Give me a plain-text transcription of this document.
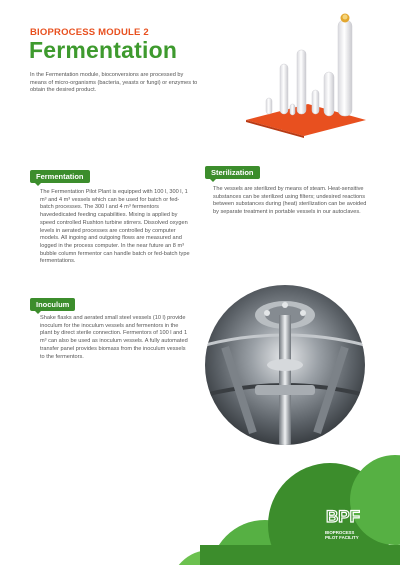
BIOPROCESS MODULE 2
Fermentation
In the Fermentation module, bioconversions are processed by means of micro-organisms (bacteria, yeasts or fungi) or enzymes to obtain the desired product.
Fermentation
The Fermentation Pilot Plant is equipped with 100 l, 300 l, 1 m³ and 4 m³ vessels which can be used for batch or fed-batch processes. The 300 l and 4 m³ fermentors havededicated feeding capabilities. Mixing is applied by speed controlled Rushton turbine stirrers. Dissolved oxygen levels in aerated processes are controlled by computer models. All ingoing and outgoing flows are measured and logged in the process computer. In the near future an 8 m³ bubble column fermentor can handle batch or fed-batch type fermentations.
Sterilization
The vessels are sterilized by means of steam. Heat-sensitive substances can be sterilized using filters; undesired reactions between substances during (heat) sterilization can be avoided by separate treatment in portable vessels in our autoclaves.
Inoculum
Shake flasks and aerated small steel vessels (10 l) provide inoculum for the inoculum vessels and fermentors in the plant by direct sterile connection. Fermentors of 100 l and 1 m³ can also be used as inoculum vessels. A fully automated transfer panel provides biomass from the inoculum vessels to the fermentors.
BPF
BIOPROCESS
PILOT FACILITY
